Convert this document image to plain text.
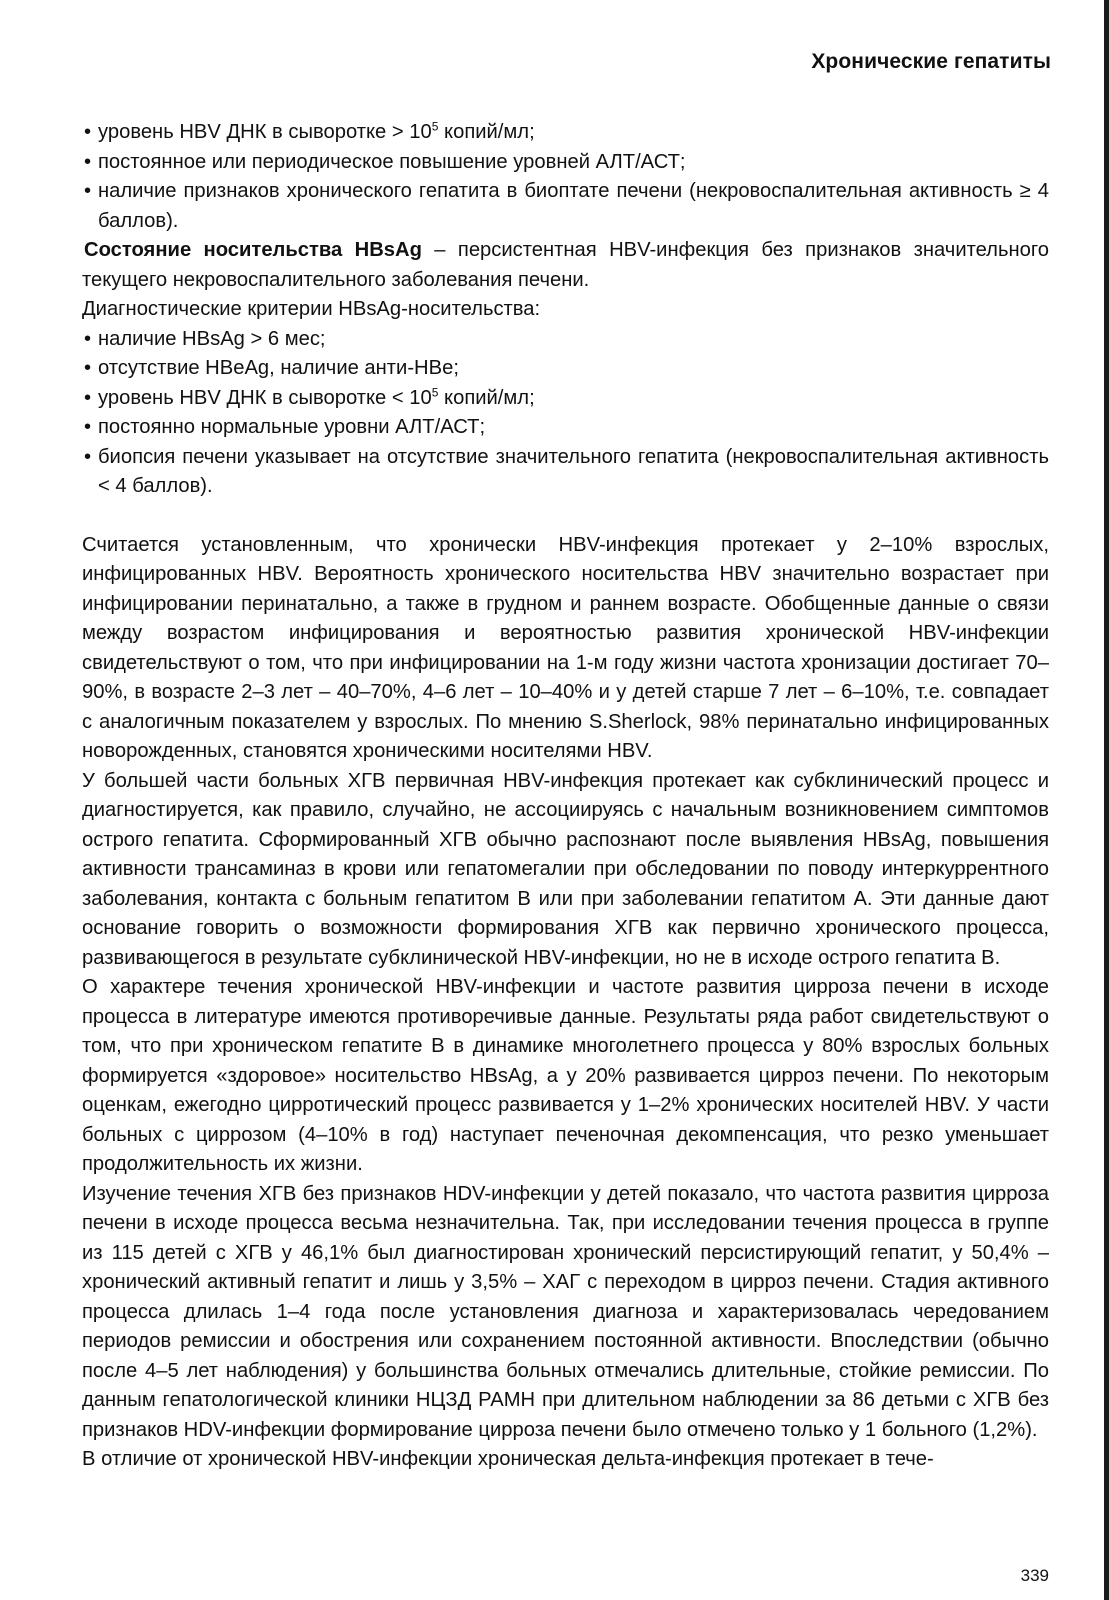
Хронические гепатиты
• уровень HBV ДНК в сыворотке > $10^5$ копий/мл;
• постоянное или периодическое повышение уровней АЛТ/АСТ;
• наличие признаков хронического гепатита в биоптате печени (некровоспалительная активность ≥ 4 баллов).

Состояние носительства HBsAg – персистентная HBV-инфекция без признаков значительного текущего некровоспалительного заболевания печени.

Диагностические критерии HBsAg-носительства:

• наличие HBsAg > 6 мес;
• отсутствие HBeAg, наличие анти-HBe;
• уровень HBV ДНК в сыворотке < $10^5$ копий/мл;
• постоянно нормальные уровни АЛТ/АСТ;
• биопсия печени указывает на отсутствие значительного гепатита (некровоспалительная активность < 4 баллов).

Считается установленным, что хронически HBV-инфекция протекает у 2–10% взрослых, инфицированных HBV. Вероятность хронического носительства HBV значительно возрастает при инфицировании перинатально, а также в грудном и раннем возрасте. Обобщенные данные о связи между возрастом инфицирования и вероятностью развития хронической HBV-инфекции свидетельствуют о том, что при инфицировании на 1-м году жизни частота хронизации достигает 70–90%, в возрасте 2–3 лет – 40–70%, 4–6 лет – 10–40% и у детей старше 7 лет – 6–10%, т.е. совпадает с аналогичным показателем у взрослых. По мнению S.Sherlock, 98% перинатально инфицированных новорожденных, становятся хроническими носителями HBV.

У большей части больных ХГВ первичная HBV-инфекция протекает как субклинический процесс и диагностируется, как правило, случайно, не ассоциируясь с начальным возникновением симптомов острого гепатита. Сформированный ХГВ обычно распознают после выявления HBsAg, повышения активности трансаминаз в крови или гепатомегалии при обследовании по поводу интеркуррентного заболевания, контакта с больным гепатитом В или при заболевании гепатитом А. Эти данные дают основание говорить о возможности формирования ХГВ как первично хронического процесса, развивающегося в результате субклинической HBV-инфекции, но не в исходе острого гепатита В.

О характере течения хронической HBV-инфекции и частоте развития цирроза печени в исходе процесса в литературе имеются противоречивые данные. Результаты ряда работ свидетельствуют о том, что при хроническом гепатите В в динамике многолетнего процесса у 80% взрослых больных формируется «здоровое» носительство HBsAg, а у 20% развивается цирроз печени. По некоторым оценкам, ежегодно цирротический процесс развивается у 1–2% хронических носителей HBV. У части больных с циррозом (4–10% в год) наступает печеночная декомпенсация, что резко уменьшает продолжительность их жизни.

Изучение течения ХГВ без признаков HDV-инфекции у детей показало, что частота развития цирроза печени в исходе процесса весьма незначительна. Так, при исследовании течения процесса в группе из 115 детей с ХГВ у 46,1% был диагностирован хронический персистирующий гепатит, у 50,4% – хронический активный гепатит и лишь у 3,5% – ХАГ с переходом в цирроз печени. Стадия активного процесса длилась 1–4 года после установления диагноза и характеризовалась чередованием периодов ремиссии и обострения или сохранением постоянной активности. Впоследствии (обычно после 4–5 лет наблюдения) у большинства больных отмечались длительные, стойкие ремиссии. По данным гепатологической клиники НЦЗД РАМН при длительном наблюдении за 86 детьми с ХГВ без признаков HDV-инфекции формирование цирроза печени было отмечено только у 1 больного (1,2%).

В отличие от хронической HBV-инфекции хроническая дельта-инфекция протекает в тече-

339
